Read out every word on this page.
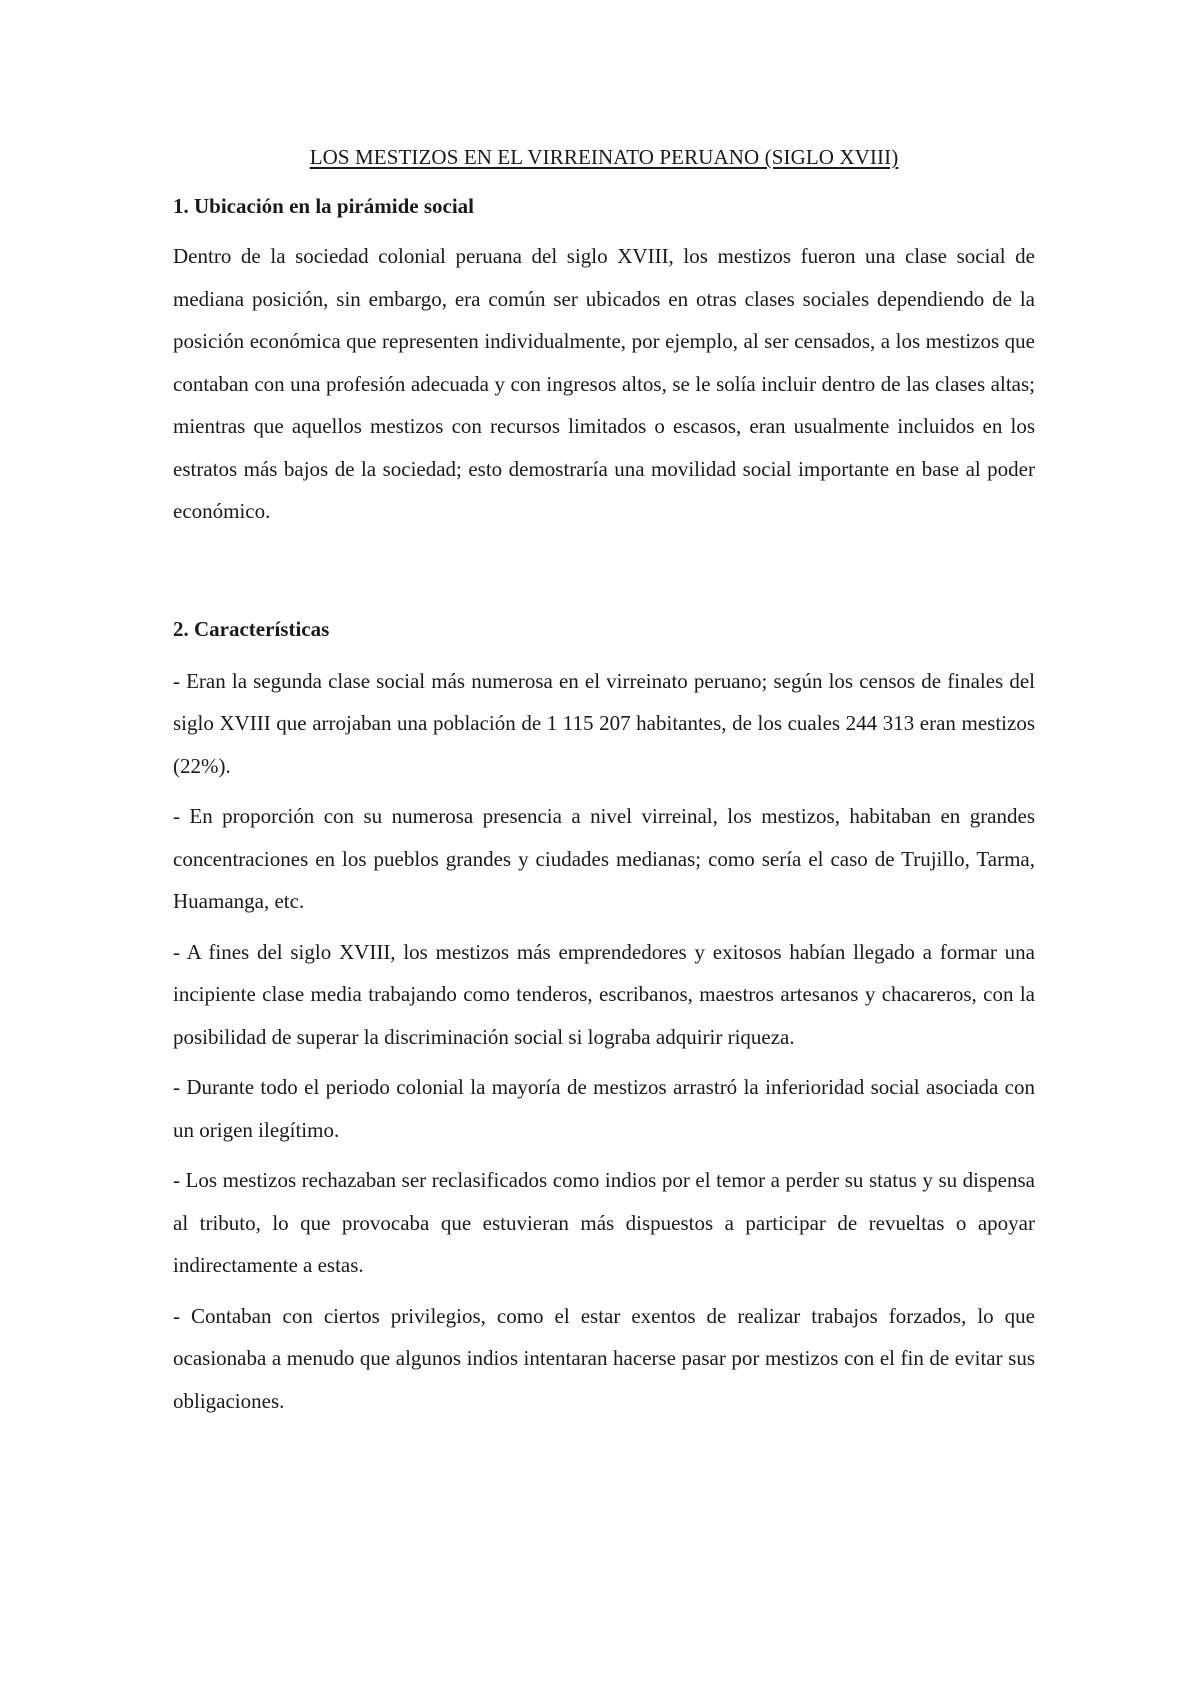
LOS MESTIZOS EN EL VIRREINATO PERUANO (SIGLO XVIII)
1. Ubicación en la pirámide social

Dentro de la sociedad colonial peruana del siglo XVIII, los mestizos fueron una clase social de mediana posición, sin embargo, era común ser ubicados en otras clases sociales dependiendo de la posición económica que representen individualmente, por ejemplo, al ser censados, a los mestizos que contaban con una profesión adecuada y con ingresos altos, se le solía incluir dentro de las clases altas; mientras que aquellos mestizos con recursos limitados o escasos, eran usualmente incluidos en los estratos más bajos de la sociedad; esto demostraría una movilidad social importante en base al poder económico.

2. Características

- Eran la segunda clase social más numerosa en el virreinato peruano; según los censos de finales del siglo XVIII que arrojaban una población de 1 115 207 habitantes, de los cuales 244 313 eran mestizos (22%).

- En proporción con su numerosa presencia a nivel virreinal, los mestizos, habitaban en grandes concentraciones en los pueblos grandes y ciudades medianas; como sería el caso de Trujillo, Tarma, Huamanga, etc.

- A fines del siglo XVIII, los mestizos más emprendedores y exitosos habían llegado a formar una incipiente clase media trabajando como tenderos, escribanos, maestros artesanos y chacareros, con la posibilidad de superar la discriminación social si lograba adquirir riqueza.

- Durante todo el periodo colonial la mayoría de mestizos arrastró la inferioridad social asociada con un origen ilegítimo.

- Los mestizos rechazaban ser reclasificados como indios por el temor a perder su status y su dispensa al tributo, lo que provocaba que estuvieran más dispuestos a participar de revueltas o apoyar indirectamente a estas.

- Contaban con ciertos privilegios, como el estar exentos de realizar trabajos forzados, lo que ocasionaba a menudo que algunos indios intentaran hacerse pasar por mestizos con el fin de evitar sus obligaciones.
